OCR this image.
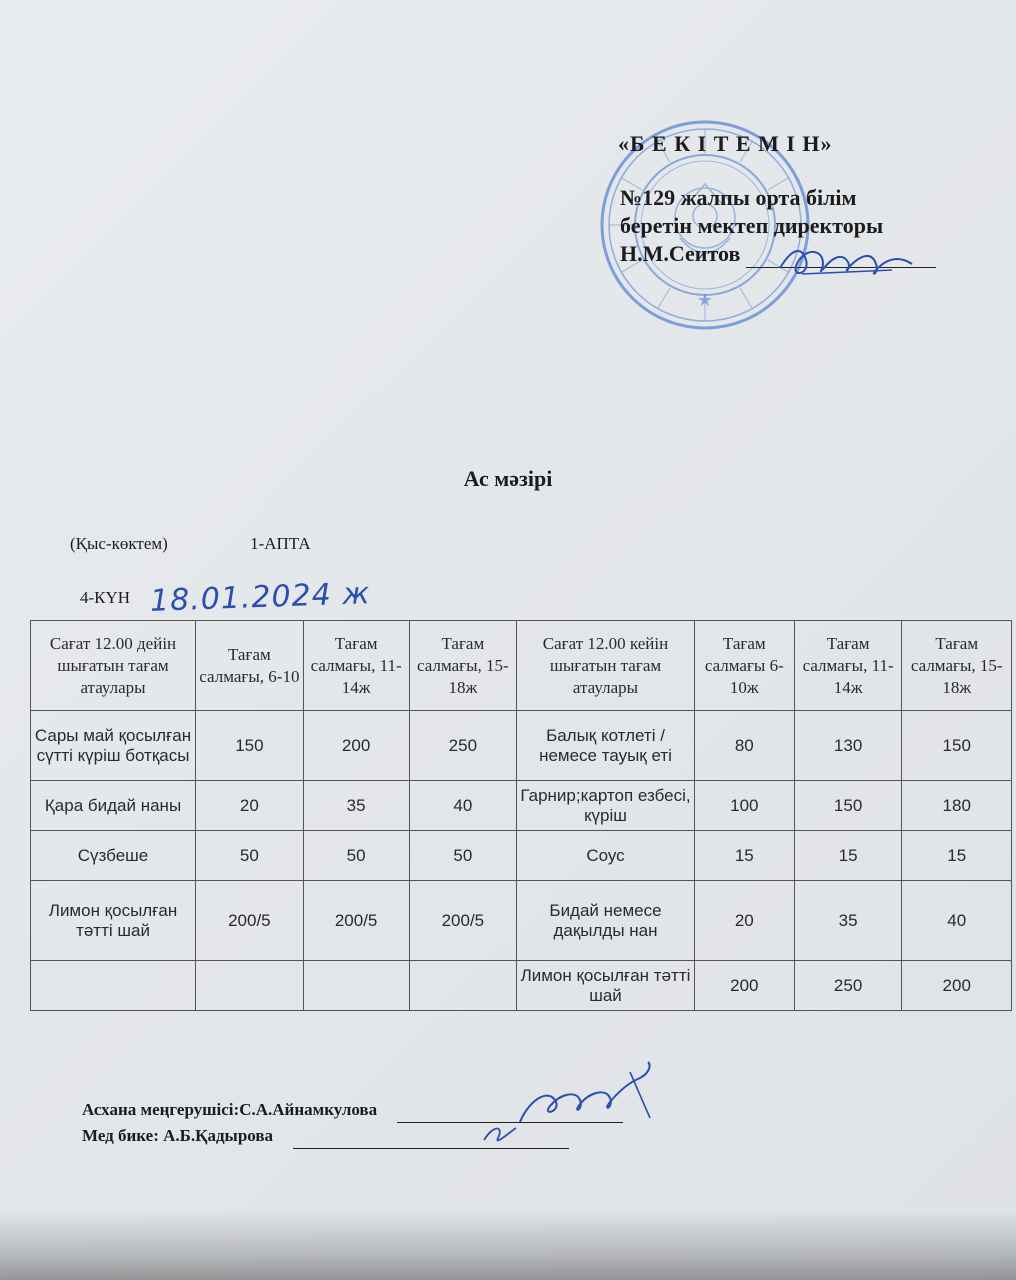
★
«Б Е К І Т Е М І Н»
№129 жалпы орта білім
беретін мектеп директоры
Н.М.Сеитов
Ас мәзірі
(Қыс-көктем)	1-АПТА
4-КҮН 18.01.2024 ж
Сағат 12.00 дейін шығатын тағам атаулары	Тағам салмағы, 6-10	Тағам салмағы, 11-14ж	Тағам салмағы, 15-18ж	Сағат 12.00 кейін шығатын тағам атаулары	Тағам салмағы 6-10ж	Тағам салмағы, 11-14ж	Тағам салмағы, 15-18ж
Сары май қосылған сүтті күріш ботқасы	150	200	250	Балық котлеті /немесе тауық еті	80	130	150
Қара бидай наны	20	35	40	Гарнир;картоп езбесі, күріш	100	150	180
Сүзбеше	50	50	50	Соус	15	15	15
Лимон қосылған тәтті шай	200/5	200/5	200/5	Бидай немесе дақылды нан	20	35	40
				Лимон қосылған тәтті шай	200	250	200
Асхана меңгерушісі:С.А.Айнамкулова
Мед бике: А.Б.Қадырова
